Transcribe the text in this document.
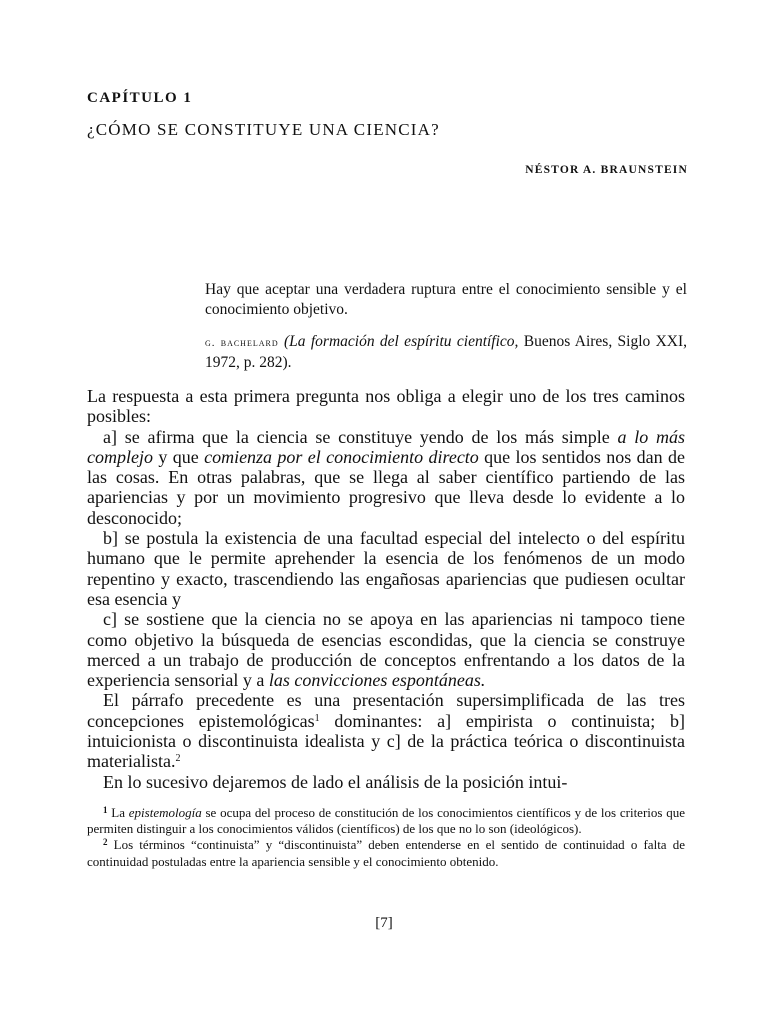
CAPÍTULO 1
¿CÓMO SE CONSTITUYE UNA CIENCIA?
NÉSTOR A. BRAUNSTEIN
Hay que aceptar una verdadera ruptura entre el conocimiento sensible y el conocimiento objetivo.
g. bachelard (La formación del espíritu científico, Buenos Aires, Siglo XXI, 1972, p. 282).

La respuesta a esta primera pregunta nos obliga a elegir uno de los tres caminos posibles:

a] se afirma que la ciencia se constituye yendo de los más simple a lo más complejo y que comienza por el conocimiento directo que los sentidos nos dan de las cosas. En otras palabras, que se llega al saber científico partiendo de las apariencias y por un movimiento progresivo que lleva desde lo evidente a lo desconocido;

b] se postula la existencia de una facultad especial del intelecto o del espíritu humano que le permite aprehender la esencia de los fenómenos de un modo repentino y exacto, trascendiendo las engañosas apariencias que pudiesen ocultar esa esencia y

c] se sostiene que la ciencia no se apoya en las apariencias ni tampoco tiene como objetivo la búsqueda de esencias escondidas, que la ciencia se construye merced a un trabajo de producción de conceptos enfrentando a los datos de la experiencia sensorial y a las convicciones espontáneas.

El párrafo precedente es una presentación supersimplificada de las tres concepciones epistemológicas$^1$ dominantes: a] empirista o continuista; b] intuicionista o discontinuista idealista y c] de la práctica teórica o discontinuista materialista.$^2$

En lo sucesivo dejaremos de lado el análisis de la posición intui-

$^1$ La epistemología se ocupa del proceso de constitución de los conocimientos científicos y de los criterios que permiten distinguir a los conocimientos válidos (científicos) de los que no lo son (ideológicos).

$^2$ Los términos “continuista” y “discontinuista” deben entenderse en el sentido de continuidad o falta de continuidad postuladas entre la apariencia sensible y el conocimiento obtenido.

[7]
